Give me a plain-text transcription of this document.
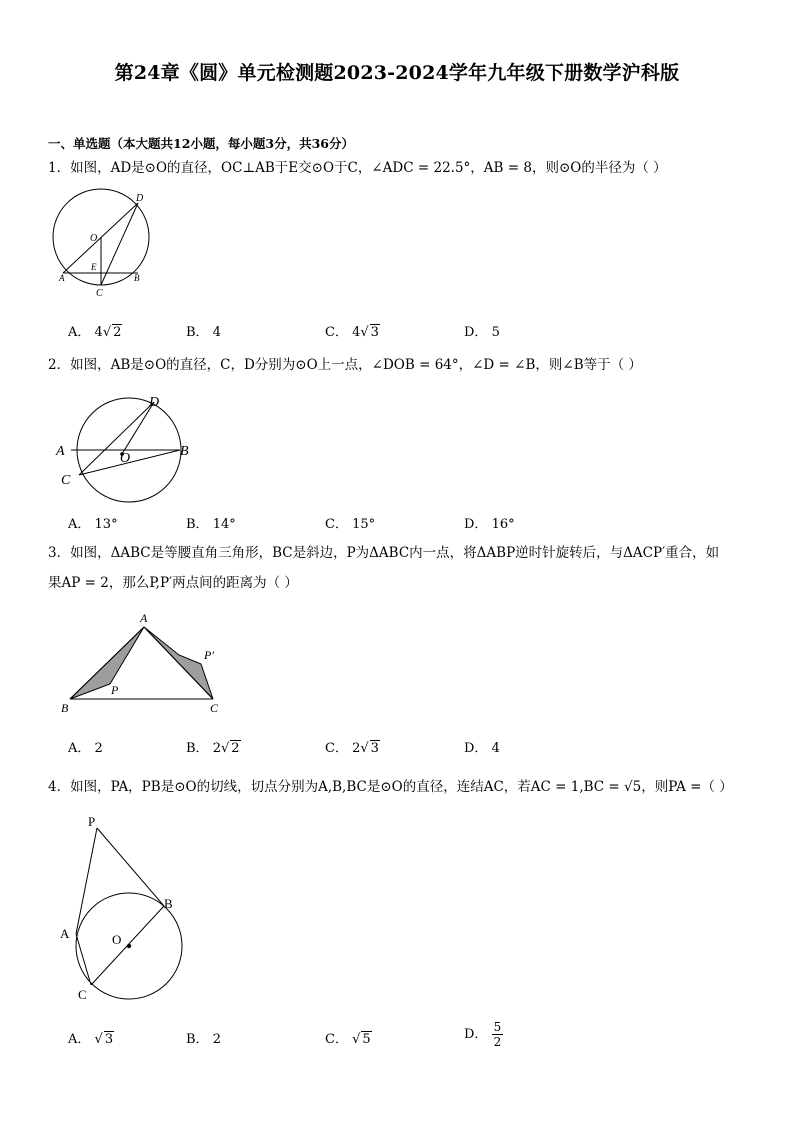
第24章《圆》单元检测题2023-2024学年九年级下册数学沪科版
一、单选题（本大题共12小题，每小题3分，共36分）
1．如图，AD是⊙O的直径，OC⊥AB于E交⊙O于C，∠ADC = 22.5°，AB = 8，则⊙O的半径为（ ）
D
O
A
E
B
C
A． 4√ 2	B． 4	C． 4√ 3	D． 5
2．如图，AB是⊙O的直径，C，D分别为⊙O上一点，∠DOB = 64°，∠D = ∠B，则∠B等于（ ）
D
A	O	B
C
A． 13°	B． 14°	C． 15°	D． 16°
3．如图，ΔABC是等腰直角三角形，BC是斜边，P为ΔABC内一点，将ΔABP逆时针旋转后，与ΔACP′重合，如
果AP = 2，那么P,P′两点间的距离为（ ）
A
P
P′
B	C
A． 2	B． 2√ 2	C． 2√ 3	D． 4
4．如图，PA，PB是⊙O的切线，切点分别为A,B,BC是⊙O的直径，连结AC，若AC = 1,BC = √5，则PA =（ ）
P
B
A	O
C
A． √ 3	B． 2	C． √ 5	D． $\frac{5}{2}$
